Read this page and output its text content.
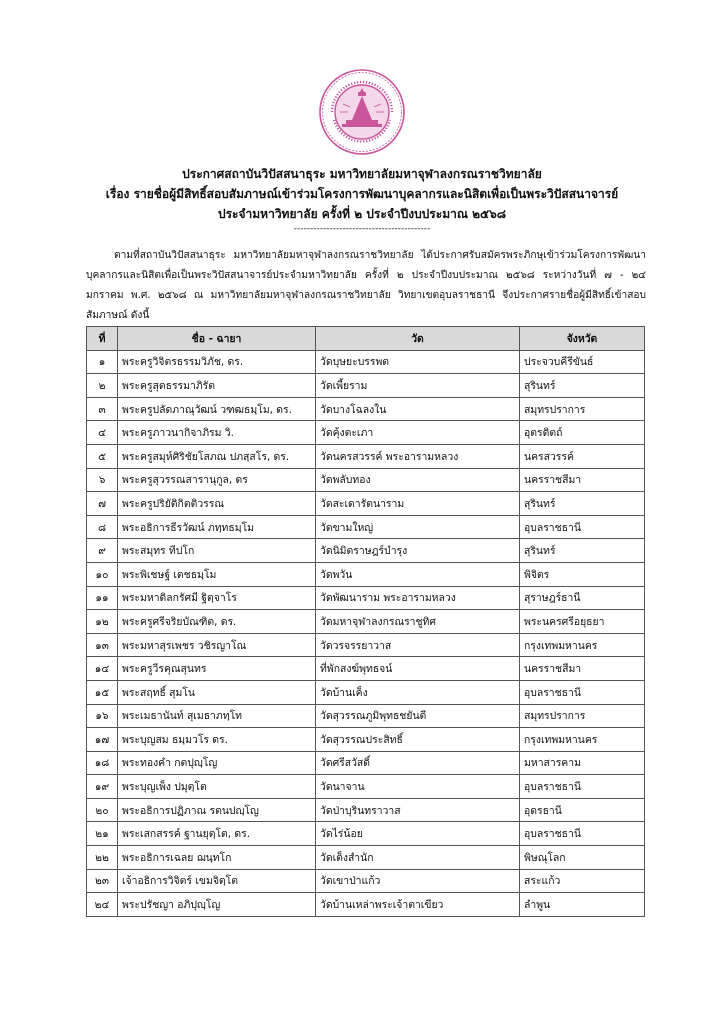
ประกาศสถาบันวิปัสสนาธุระ มหาวิทยาลัยมหาจุฬาลงกรณราชวิทยาลัย
เรื่อง รายชื่อผู้มีสิทธิ์สอบสัมภาษณ์เข้าร่วมโครงการพัฒนาบุคลากรและนิสิตเพื่อเป็นพระวิปัสสนาจารย์
ประจำมหาวิทยาลัย ครั้งที่ ๒ ประจำปีงบประมาณ ๒๕๖๘
------------------------------------------

ตามที่สถาบันวิปัสสนาธุระ มหาวิทยาลัยมหาจุฬาลงกรณราชวิทยาลัย ได้ประกาศรับสมัครพระภิกษุเข้าร่วมโครงการพัฒนาบุคลากรและนิสิตเพื่อเป็นพระวิปัสสนาจารย์ประจำมหาวิทยาลัย ครั้งที่ ๒ ประจำปีงบประมาณ ๒๕๖๘ ระหว่างวันที่ ๗ - ๒๔ มกราคม พ.ศ. ๒๕๖๘ ณ มหาวิทยาลัยมหาจุฬาลงกรณราชวิทยาลัย วิทยาเขตอุบลราชธานี จึงประกาศรายชื่อผู้มีสิทธิ์เข้าสอบสัมภาษณ์ ดังนี้

ที่	ชื่อ - ฉายา	วัด	จังหวัด
๑	พระครูวิจิตรธรรมวิภัช, ดร.	วัดบุษยะบรรพต	ประจวบคีรีขันธ์
๒	พระครูสุตธรรมาภิรัต	วัดเพี้ยราม	สุรินทร์
๓	พระครูปลัดภาณุวัฒน์ วฑฒธมฺโม, ดร.	วัดบางโฉลงใน	สมุทรปราการ
๔	พระครูภาวนากิจาภิรม วิ.	วัดคุ้งตะเภา	อุตรดิตถ์
๕	พระครูสมุห์ศิริชัยโสภณ ปภสฺสโร, ดร.	วัดนครสวรรค์ พระอารามหลวง	นครสวรรค์
๖	พระครูสุวรรณสารานุกูล, ดร	วัดพลับทอง	นครราชสีมา
๗	พระครูปริยัติกิตติวรรณ	วัดสะเดารัตนาราม	สุรินทร์
๘	พระอธิการธีรวัฒน์ ภทฺทธมฺโม	วัดขามใหญ่	อุบลราชธานี
๙	พระสมุทร ทีปโก	วัดนิมิตราษฎร์บำรุง	สุรินทร์
๑๐	พระพิเชษฐ์ เตชธมฺโม	วัดพวัน	พิจิตร
๑๑	พระมหาดิลกรัศมี ฐิตฺจาโร	วัดพัฒนาราม พระอารามหลวง	สุราษฎร์ธานี
๑๒	พระครูศรีจริยบัณฑิต, ดร.	วัดมหาจุฬาลงกรณราชูทิศ	พระนครศรีอยุธยา
๑๓	พระมหาสุรเพชร วชิรญาโณ	วัดวรจรรยาวาส	กรุงเทพมหานคร
๑๔	พระครูวีรคุณสุนทร	ที่พักสงฆ์พุทธจน์	นครราชสีมา
๑๕	พระสฤทธิ์ สุมโน	วัดบ้านเค็ง	อุบลราชธานี
๑๖	พระเมธานันท์ สุเมธาภทฺโท	วัดสุวรรณภูมิพุทธชยันตี	สมุทรปราการ
๑๗	พระบุญสม ธมฺมวโร ดร.	วัดสุวรรณประสิทธิ์	กรุงเทพมหานคร
๑๘	พระทองคำ กตปุญฺโญ	วัดศรีสวัสดิ์	มหาสารคาม
๑๙	พระบุญเพ็ง ปมุตฺโต	วัดนาจาน	อุบลราชธานี
๒๐	พระอธิการปฏิภาณ รตนปญฺโญ	วัดป่าบุรินทราวาส	อุดรธานี
๒๑	พระเสกสรรค์ ฐานยุตฺโต, ดร.	วัดไร่น้อย	อุบลราชธานี
๒๒	พระอธิการเฉลย ฌนฺทโก	วัดเต็งสำนัก	พิษณุโลก
๒๓	เจ้าอธิการวิจิตร์ เขมจิตฺโต	วัดเขาป่าแก้ว	สระแก้ว
๒๔	พระปรัชญา อภิปุญฺโญ	วัดบ้านเหล่าพระเจ้าตาเขียว	ลำพูน
